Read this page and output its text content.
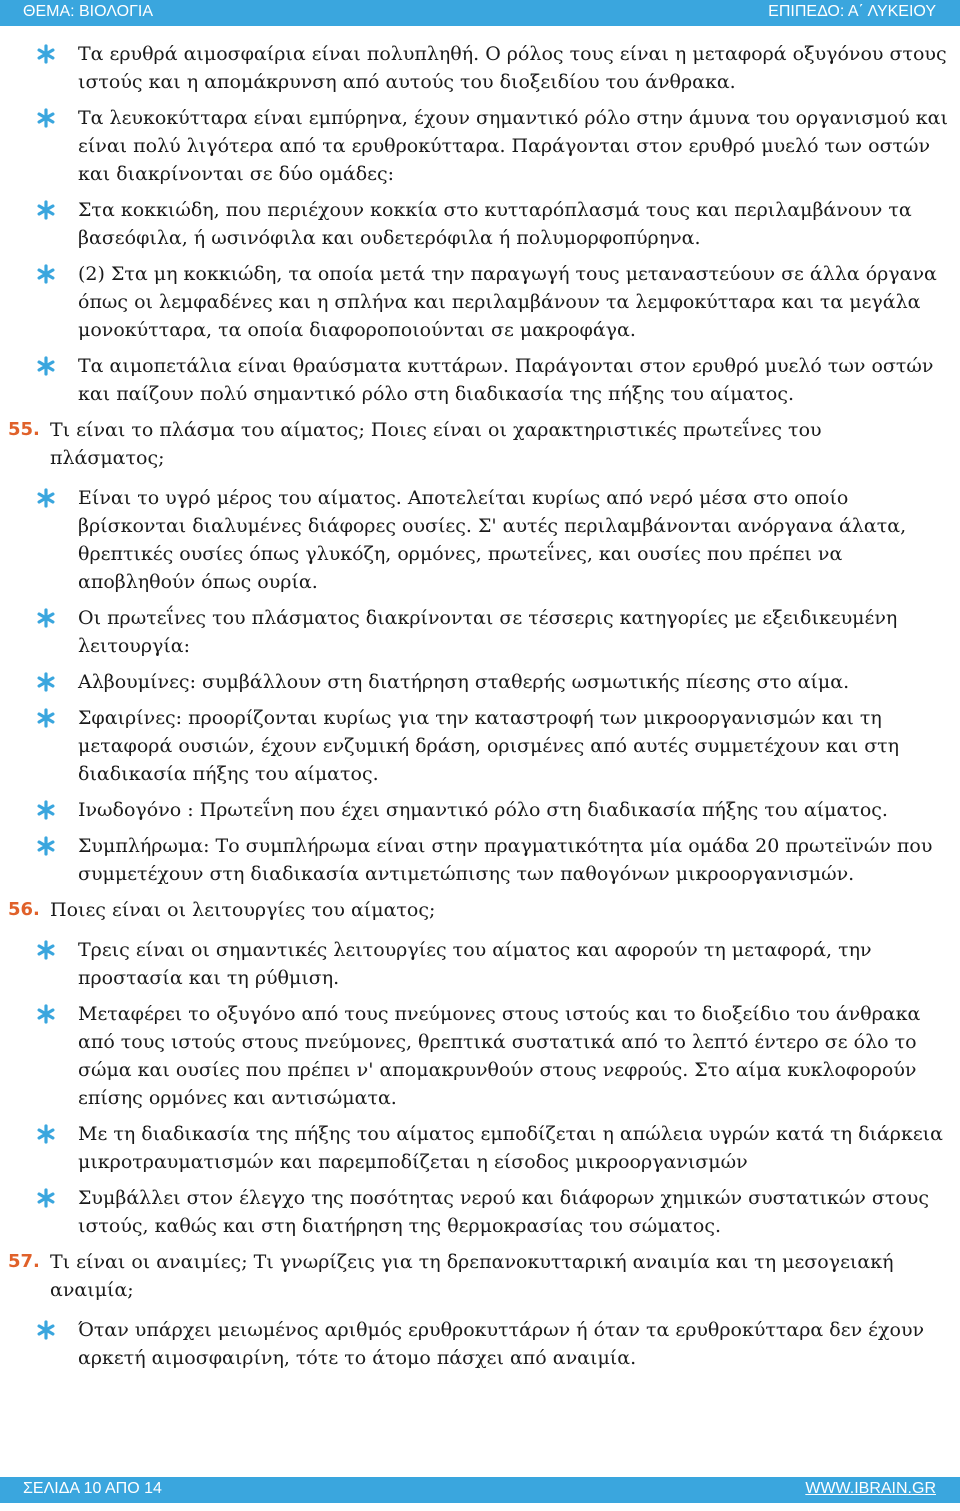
ΘΕΜΑ: ΒΙΟΛΟΓΙΑ	ΕΠΙΠΕΔΟ: Α΄ ΛΥΚΕΙΟΥ
Τα ερυθρά αιμοσφαίρια είναι πολυπληθή. Ο ρόλος τους είναι η μεταφορά οξυγόνου στους ιστούς και η απομάκρυνση από αυτούς του διοξειδίου του άνθρακα.
Τα λευκοκύτταρα είναι εμπύρηνα, έχουν σημαντικό ρόλο στην άμυνα του οργανισμού και είναι πολύ λιγότερα από τα ερυθροκύτταρα. Παράγονται στον ερυθρό μυελό των οστών και διακρίνονται σε δύο ομάδες:
Στα κοκκιώδη, που περιέχουν κοκκία στο κυτταρόπλασμά τους και περιλαμβάνουν τα βασεόφιλα, ή ωσινόφιλα και ουδετερόφιλα ή πολυμορφοπύρηνα.
(2) Στα μη κοκκιώδη, τα οποία μετά την παραγωγή τους μεταναστεύουν σε άλλα όργανα όπως οι λεμφαδένες και η σπλήνα και περιλαμβάνουν τα λεμφοκύτταρα και τα μεγάλα μονοκύτταρα, τα οποία διαφοροποιούνται σε μακροφάγα.
Τα αιμοπετάλια είναι θραύσματα κυττάρων. Παράγονται στον ερυθρό μυελό των οστών και παίζουν πολύ σημαντικό ρόλο στη διαδικασία της πήξης του αίματος.
55. Τι είναι το πλάσμα του αίματος; Ποιες είναι οι χαρακτηριστικές πρωτεΐνες του πλάσματος;
Είναι το υγρό μέρος του αίματος. Αποτελείται κυρίως από νερό μέσα στο οποίο βρίσκονται διαλυμένες διάφορες ουσίες. Σ' αυτές περιλαμβάνονται ανόργανα άλατα, θρεπτικές ουσίες όπως γλυκόζη, ορμόνες, πρωτεΐνες, και ουσίες που πρέπει να αποβληθούν όπως ουρία.
Οι πρωτεΐνες του πλάσματος διακρίνονται σε τέσσερις κατηγορίες με εξειδικευμένη λειτουργία:
Αλβουμίνες: συμβάλλουν στη διατήρηση σταθερής ωσμωτικής πίεσης στο αίμα.
Σφαιρίνες: προορίζονται κυρίως για την καταστροφή των μικροοργανισμών και τη μεταφορά ουσιών, έχουν ενζυμική δράση, ορισμένες από αυτές συμμετέχουν και στη διαδικασία πήξης του αίματος.
Ινωδογόνο : Πρωτεΐνη που έχει σημαντικό ρόλο στη διαδικασία πήξης του αίματος.
Συμπλήρωμα: Το συμπλήρωμα είναι στην πραγματικότητα μία ομάδα 20 πρωτεϊνών που συμμετέχουν στη διαδικασία αντιμετώπισης των παθογόνων μικροοργανισμών.
56. Ποιες είναι οι λειτουργίες του αίματος;
Τρεις είναι οι σημαντικές λειτουργίες του αίματος και αφορούν τη μεταφορά, την προστασία και τη ρύθμιση.
Μεταφέρει το οξυγόνο από τους πνεύμονες στους ιστούς και το διοξείδιο του άνθρακα από τους ιστούς στους πνεύμονες, θρεπτικά συστατικά από το λεπτό έντερο σε όλο το σώμα και ουσίες που πρέπει ν' απομακρυνθούν στους νεφρούς. Στο αίμα κυκλοφορούν επίσης ορμόνες και αντισώματα.
Με τη διαδικασία της πήξης του αίματος εμποδίζεται η απώλεια υγρών κατά τη διάρκεια μικροτραυματισμών και παρεμποδίζεται η είσοδος μικροοργανισμών
Συμβάλλει στον έλεγχο της ποσότητας νερού και διάφορων χημικών συστατικών στους ιστούς, καθώς και στη διατήρηση της θερμοκρασίας του σώματος.
57. Τι είναι οι αναιμίες; Τι γνωρίζεις για τη δρεπανοκυτταρική αναιμία και τη μεσογειακή αναιμία;
Όταν υπάρχει μειωμένος αριθμός ερυθροκυττάρων ή όταν τα ερυθροκύτταρα δεν έχουν αρκετή αιμοσφαιρίνη, τότε το άτομο πάσχει από αναιμία.
ΣΕΛΙΔΑ 10 ΑΠΟ 14	WWW.IBRAIN.GR
